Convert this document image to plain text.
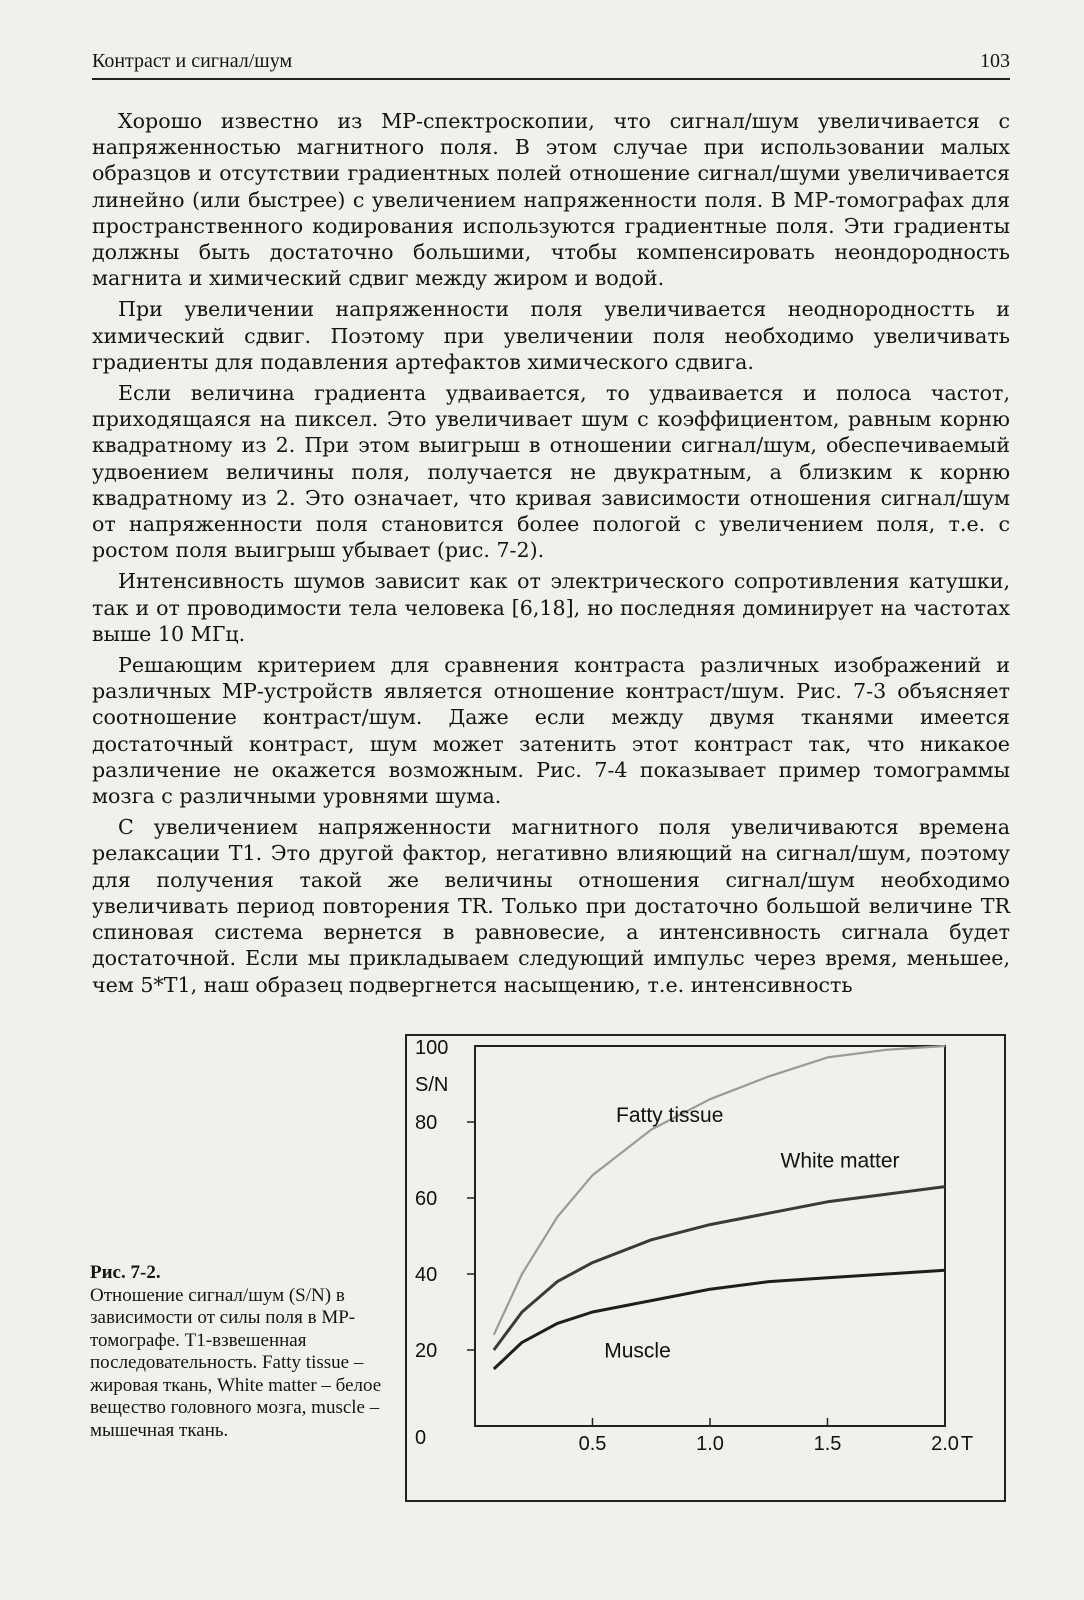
Контраст и сигнал/шум	103

Хорошо известно из МР-спектроскопии, что сигнал/шум увеличивается с напряженностью магнитного поля. В этом случае при использовании малых образцов и отсутствии градиентных полей отношение сигнал/шуми увеличивается линейно (или быстрее) с увеличением напряженности поля. В МР-томографах для пространственного кодирования используются градиентные поля. Эти градиенты должны быть достаточно большими, чтобы компенсировать неондородность магнита и химический сдвиг между жиром и водой.

При увеличении напряженности поля увеличивается неоднородностть и химический сдвиг. Поэтому при увеличении поля необходимо увеличивать градиенты для подавления артефактов химического сдвига.

Если величина градиента удваивается, то удваивается и полоса частот, приходящаяся на пиксел. Это увеличивает шум с коэффициентом, равным корню квадратному из 2. При этом выигрыш в отношении сигнал/шум, обеспечиваемый удвоением величины поля, получается не двукратным, а близким к корню квадратному из 2. Это означает, что кривая зависимости отношения сигнал/шум от напряженности поля становится более пологой с увеличением поля, т.е. с ростом поля выигрыш убывает (рис. 7-2).

Интенсивность шумов зависит как от электрического сопротивления катушки, так и от проводимости тела человека [6,18], но последняя доминирует на частотах выше 10 МГц.

Решающим критерием для сравнения контраста различных изображений и различных МР-устройств является отношение контраст/шум. Рис. 7-3 объясняет соотношение контраст/шум. Даже если между двумя тканями имеется достаточный контраст, шум может затенить этот контраст так, что никакое различение не окажется возможным. Рис. 7-4 показывает пример томограммы мозга с различными уровнями шума.

С увеличением напряженности магнитного поля увеличиваются времена релаксации T1. Это другой фактор, негативно влияющий на сигнал/шум, поэтому для получения такой же величины отношения сигнал/шум необходимо увеличивать период повторения TR. Только при достаточно большой величине TR спиновая система вернется в равновесие, а интенсивность сигнала будет достаточной. Если мы прикладываем следующий импульс через время, меньшее, чем 5*T1, наш образец подвергнется насыщению, т.е. интенсивность

Рис. 7-2.
Отношение сигнал/шум (S/N) в зависимости от силы поля в МР-томографе. T1-взвешенная последовательность. Fatty tissue – жировая ткань, White matter – белое вещество головного мозга, muscle – мышечная ткань.	0
20
40
60
80
100
S/N
0.5	1.0	1.5	2.0 T
Fatty tissue
White matter
Muscle
